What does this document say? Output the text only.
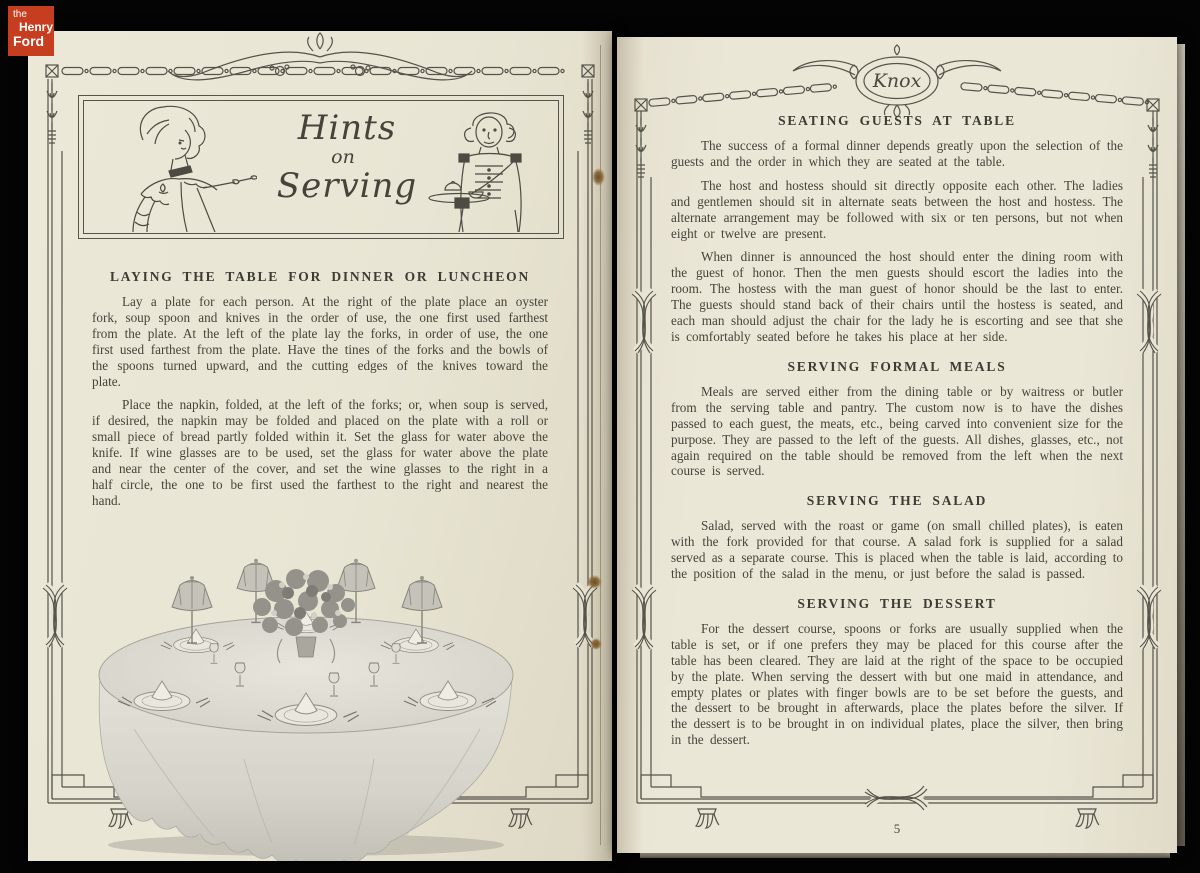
Hints
on
Serving
LAYING THE TABLE FOR DINNER OR LUNCHEON

Lay a plate for each person. At the right of the plate place an oyster fork, soup spoon and knives in the order of use, the one first used farthest from the plate. At the left of the plate lay the forks, in order of use, the one first used farthest from the plate. Have the tines of the forks and the bowls of the spoons turned upward, and the cutting edges of the knives toward the plate.

Place the napkin, folded, at the left of the forks; or, when soup is served, if desired, the napkin may be folded and placed on the plate with a roll or small piece of bread partly folded within it. Set the glass for water above the knife. If wine glasses are to be used, set the glass for water above the plate and near the center of the cover, and set the wine glasses to the right in a half circle, the one to be first used the farthest to the right and nearest the hand.

Knox
SEATING GUESTS AT TABLE

The success of a formal dinner depends greatly upon the selection of the guests and the order in which they are seated at the table.

The host and hostess should sit directly opposite each other. The ladies and gentlemen should sit in alternate seats between the host and hostess. The alternate arrangement may be followed with six or ten persons, but not when eight or twelve are present.

When dinner is announced the host should enter the dining room with the guest of honor. Then the men guests should escort the ladies into the room. The hostess with the man guest of honor should be the last to enter. The guests should stand back of their chairs until the hostess is seated, and each man should adjust the chair for the lady he is escorting and see that she is comfortably seated before he takes his place at her side.

SERVING FORMAL MEALS

Meals are served either from the dining table or by waitress or butler from the serving table and pantry. The custom now is to have the dishes passed to each guest, the meats, etc., being carved into convenient size for the purpose. They are passed to the left of the guests. All dishes, glasses, etc., not again required on the table should be removed from the left when the next course is served.

SERVING THE SALAD

Salad, served with the roast or game (on small chilled plates), is eaten with the fork provided for that course. A salad fork is supplied for a salad served as a separate course. This is placed when the table is laid, according to the position of the salad in the menu, or just before the salad is passed.

SERVING THE DESSERT

For the dessert course, spoons or forks are usually supplied when the table is set, or if one prefers they may be placed for this course after the table has been cleared. They are laid at the right of the space to be occupied by the plate. When serving the dessert with but one maid in attendance, and empty plates or plates with finger bowls are to be set before the guests, and the dessert to be brought in afterwards, place the plates before the silver. If the dessert is to be brought in on individual plates, place the silver, then bring in the dessert.

5
the
Henry
Ford
